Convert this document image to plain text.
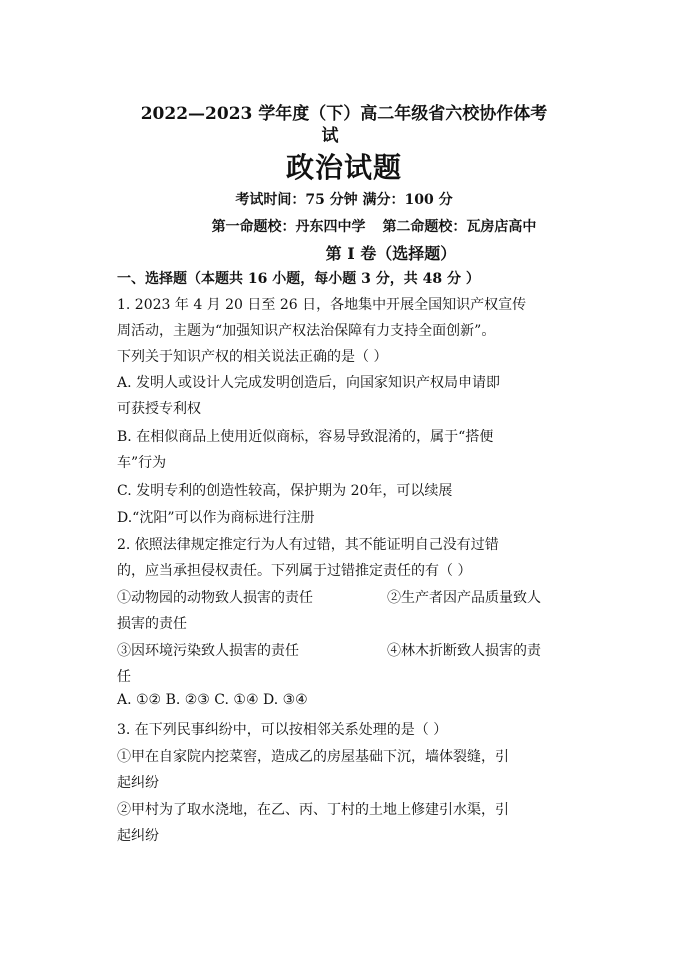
2022—2023 学年度（下）高二年级省六校协作体考
试
政治试题
考试时间：75 分钟 满分：100 分
第一命题校：丹东四中学 第二命题校：瓦房店高中
第 I 卷（选择题）
一、选择题（本题共 16 小题，每小题 3 分，共 48 分 ）
1. 2023 年 4 月 20 日至 26 日，各地集中开展全国知识产权宣传
周活动，主题为“加强知识产权法治保障有力支持全面创新”。
下列关于知识产权的相关说法正确的是（ ）
A. 发明人或设计人完成发明创造后，向国家知识产权局申请即
可获授专利权
B. 在相似商品上使用近似商标，容易导致混淆的，属于“搭便
车”行为
C. 发明专利的创造性较高，保护期为 20年，可以续展
D.“沈阳”可以作为商标进行注册
2. 依照法律规定推定行为人有过错，其不能证明自己没有过错
的，应当承担侵权责任。下列属于过错推定责任的有（ ）
①动物园的动物致人损害的责任	②生产者因产品质量致人
损害的责任
③因环境污染致人损害的责任	④林木折断致人损害的责
任
A. ①② B. ②③ C. ①④ D. ③④
3. 在下列民事纠纷中，可以按相邻关系处理的是（ ）
①甲在自家院内挖菜窖，造成乙的房屋基础下沉，墙体裂缝，引
起纠纷
②甲村为了取水浇地，在乙、丙、丁村的土地上修建引水渠，引
起纠纷
